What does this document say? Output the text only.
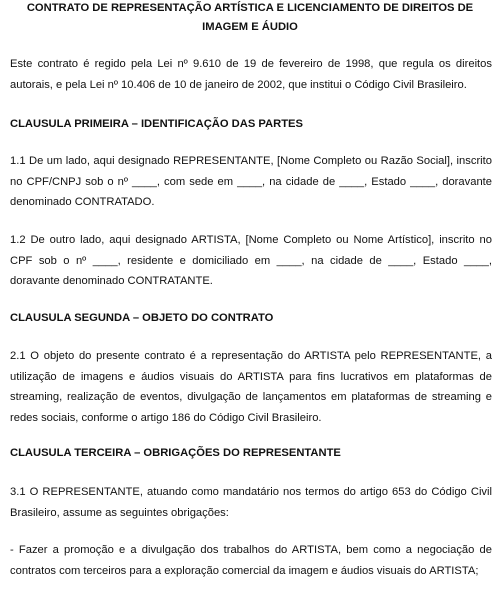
CONTRATO DE REPRESENTAÇÃO ARTÍSTICA E LICENCIAMENTO DE DIREITOS DE IMAGEM E ÁUDIO

Este contrato é regido pela Lei nº 9.610 de 19 de fevereiro de 1998, que regula os direitos autorais, e pela Lei nº 10.406 de 10 de janeiro de 2002, que institui o Código Civil Brasileiro.

CLAUSULA PRIMEIRA – IDENTIFICAÇÃO DAS PARTES

1.1 De um lado, aqui designado REPRESENTANTE, [Nome Completo ou Razão Social], inscrito no CPF/CNPJ sob o nº ____, com sede em ____, na cidade de ____, Estado ____, doravante denominado CONTRATADO.

1.2 De outro lado, aqui designado ARTISTA, [Nome Completo ou Nome Artístico], inscrito no CPF sob o nº ____, residente e domiciliado em ____, na cidade de ____, Estado ____, doravante denominado CONTRATANTE.

CLAUSULA SEGUNDA – OBJETO DO CONTRATO

2.1 O objeto do presente contrato é a representação do ARTISTA pelo REPRESENTANTE, a utilização de imagens e áudios visuais do ARTISTA para fins lucrativos em plataformas de streaming, realização de eventos, divulgação de lançamentos em plataformas de streaming e redes sociais, conforme o artigo 186 do Código Civil Brasileiro.

CLAUSULA TERCEIRA – OBRIGAÇÕES DO REPRESENTANTE

3.1 O REPRESENTANTE, atuando como mandatário nos termos do artigo 653 do Código Civil Brasileiro, assume as seguintes obrigações:

- Fazer a promoção e a divulgação dos trabalhos do ARTISTA, bem como a negociação de contratos com terceiros para a exploração comercial da imagem e áudios visuais do ARTISTA;
